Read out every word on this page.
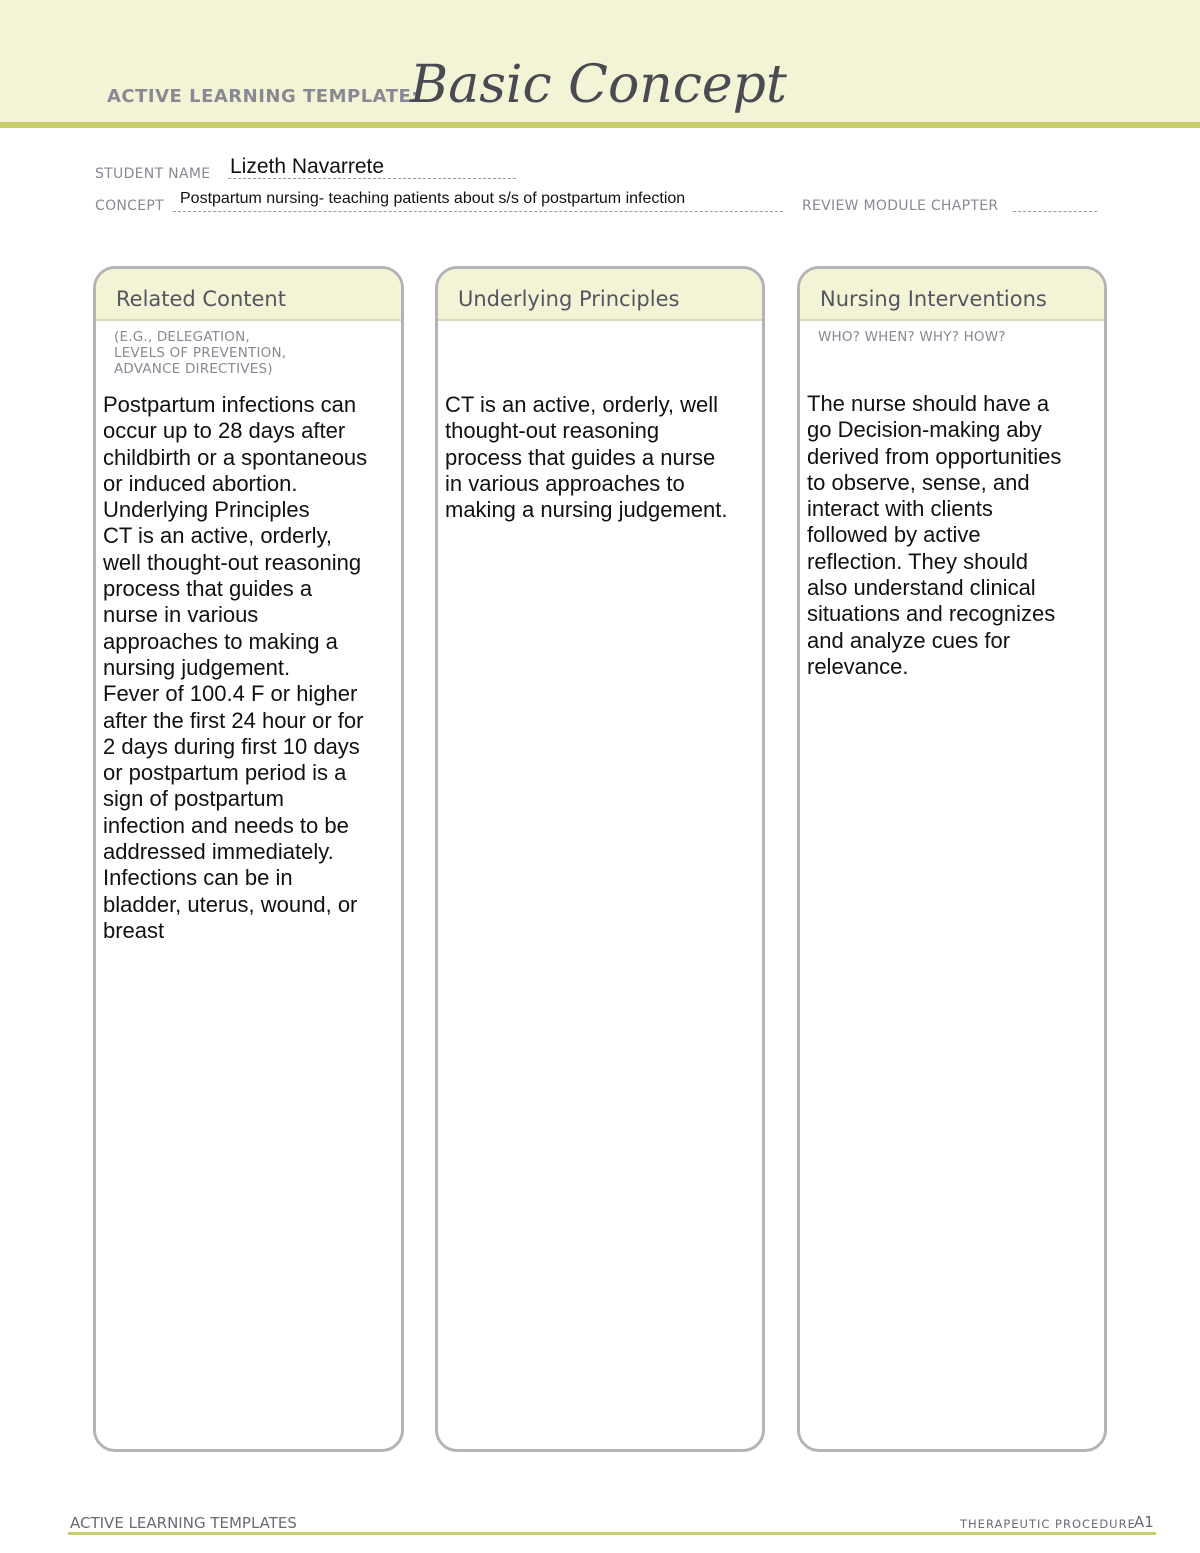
ACTIVE LEARNING TEMPLATE:
Basic Concept
STUDENT NAME Lizeth Navarrete
CONCEPT Postpartum nursing- teaching patients about s/s of postpartum infection	REVIEW MODULE CHAPTER
Related Content
(E.G., DELEGATION,
LEVELS OF PREVENTION,
ADVANCE DIRECTIVES)
Postpartum infections can
occur up to 28 days after
childbirth or a spontaneous
or induced abortion.
Underlying Principles
CT is an active, orderly,
well thought-out reasoning
process that guides a
nurse in various
approaches to making a
nursing judgement.
Fever of 100.4 F or higher
after the first 24 hour or for
2 days during first 10 days
or postpartum period is a
sign of postpartum
infection and needs to be
addressed immediately.
Infections can be in
bladder, uterus, wound, or
breast
Underlying Principles
CT is an active, orderly, well
thought-out reasoning
process that guides a nurse
in various approaches to
making a nursing judgement.
Nursing Interventions
WHO? WHEN? WHY? HOW?
The nurse should have a
go Decision-making aby
derived from opportunities
to observe, sense, and
interact with clients
followed by active
reflection. They should
also understand clinical
situations and recognizes
and analyze cues for
relevance.
ACTIVE LEARNING TEMPLATES	THERAPEUTIC PROCEDURE
A1
